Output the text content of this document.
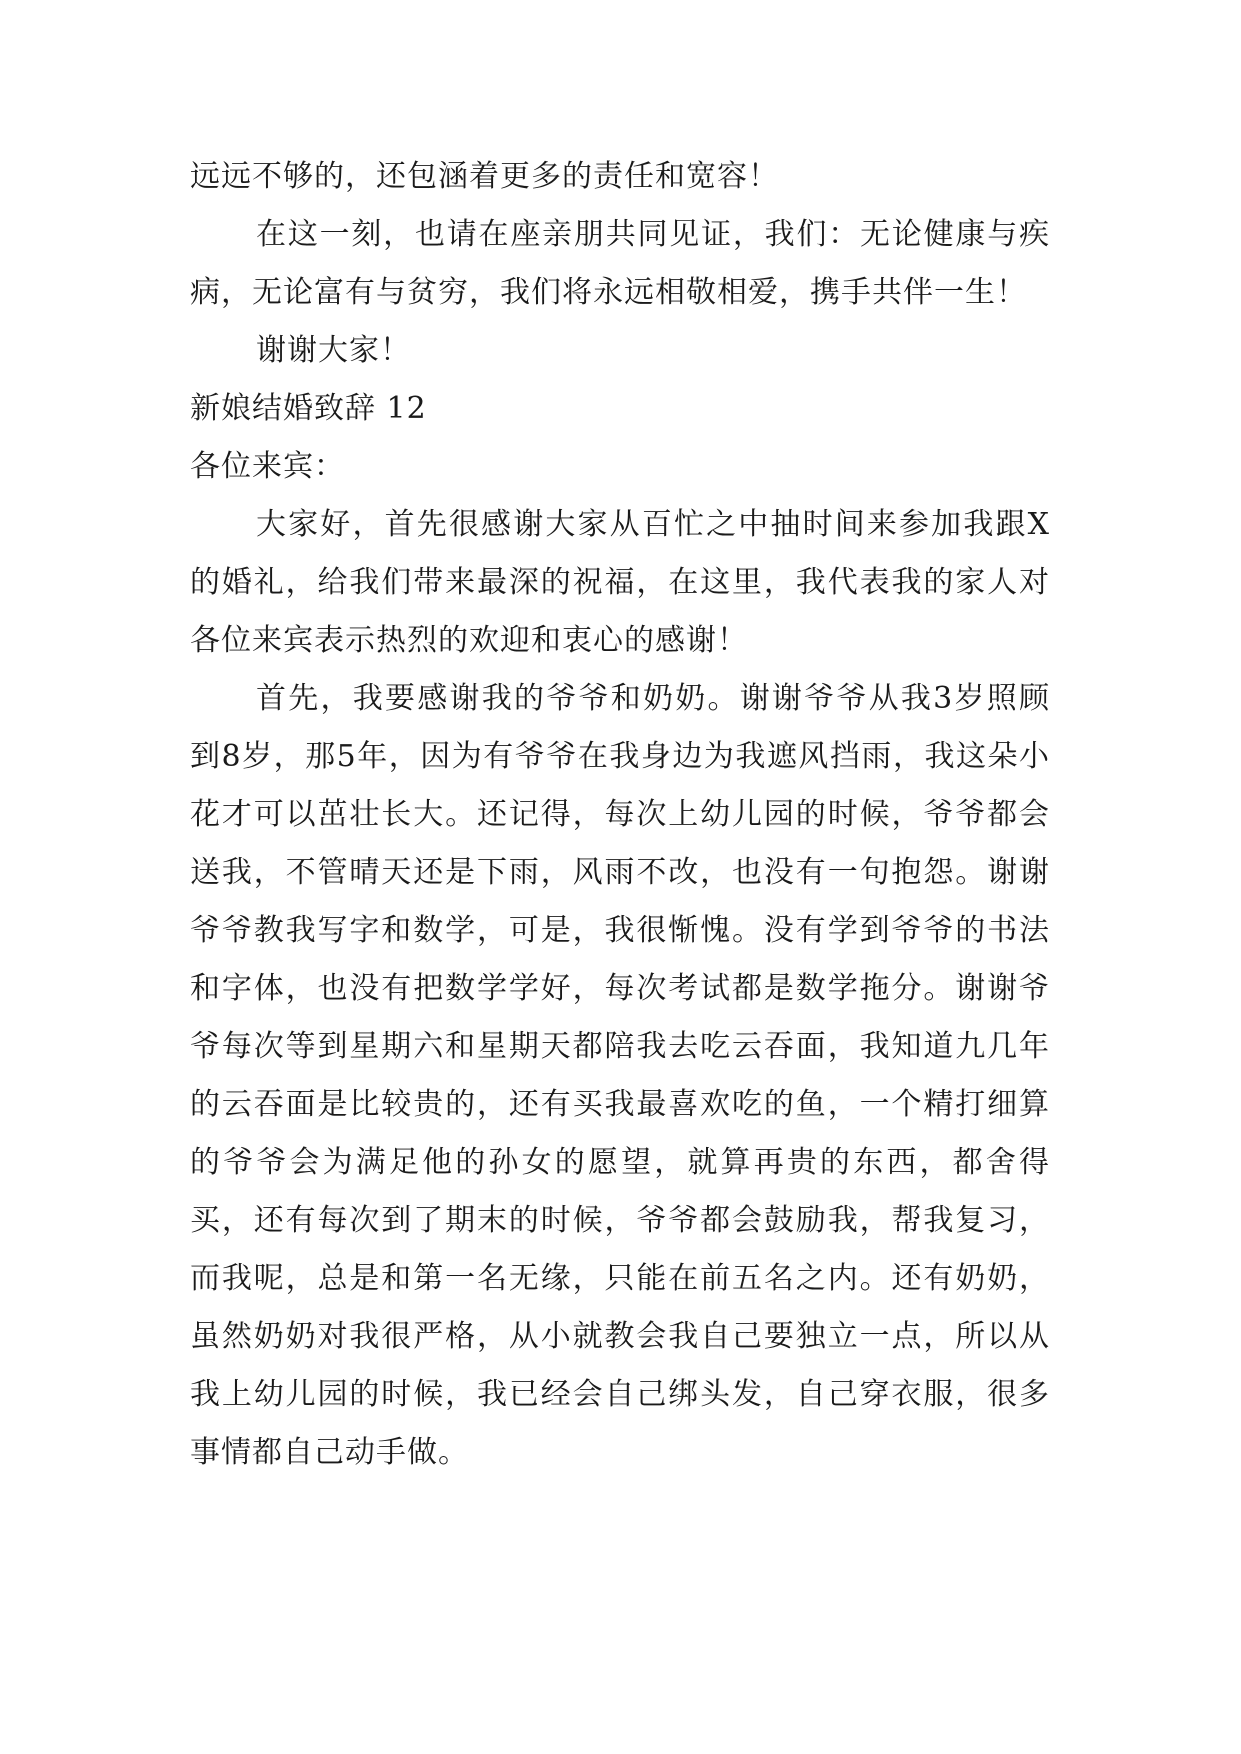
远远不够的，还包涵着更多的责任和宽容！

在这一刻，也请在座亲朋共同见证，我们：无论健康与疾病，无论富有与贫穷，我们将永远相敬相爱，携手共伴一生！

谢谢大家！

新娘结婚致辞 12

各位来宾：

大家好，首先很感谢大家从百忙之中抽时间来参加我跟X的婚礼，给我们带来最深的祝福，在这里，我代表我的家人对各位来宾表示热烈的欢迎和衷心的感谢！

首先，我要感谢我的爷爷和奶奶。谢谢爷爷从我3岁照顾到8岁，那5年，因为有爷爷在我身边为我遮风挡雨，我这朵小花才可以茁壮长大。还记得，每次上幼儿园的时候，爷爷都会送我，不管晴天还是下雨，风雨不改，也没有一句抱怨。谢谢爷爷教我写字和数学，可是，我很惭愧。没有学到爷爷的书法和字体，也没有把数学学好，每次考试都是数学拖分。谢谢爷爷每次等到星期六和星期天都陪我去吃云吞面，我知道九几年的云吞面是比较贵的，还有买我最喜欢吃的鱼，一个精打细算的爷爷会为满足他的孙女的愿望，就算再贵的东西，都舍得买，还有每次到了期末的时候，爷爷都会鼓励我，帮我复习，而我呢，总是和第一名无缘，只能在前五名之内。还有奶奶，虽然奶奶对我很严格，从小就教会我自己要独立一点，所以从我上幼儿园的时候，我已经会自己绑头发，自己穿衣服，很多事情都自己动手做。
